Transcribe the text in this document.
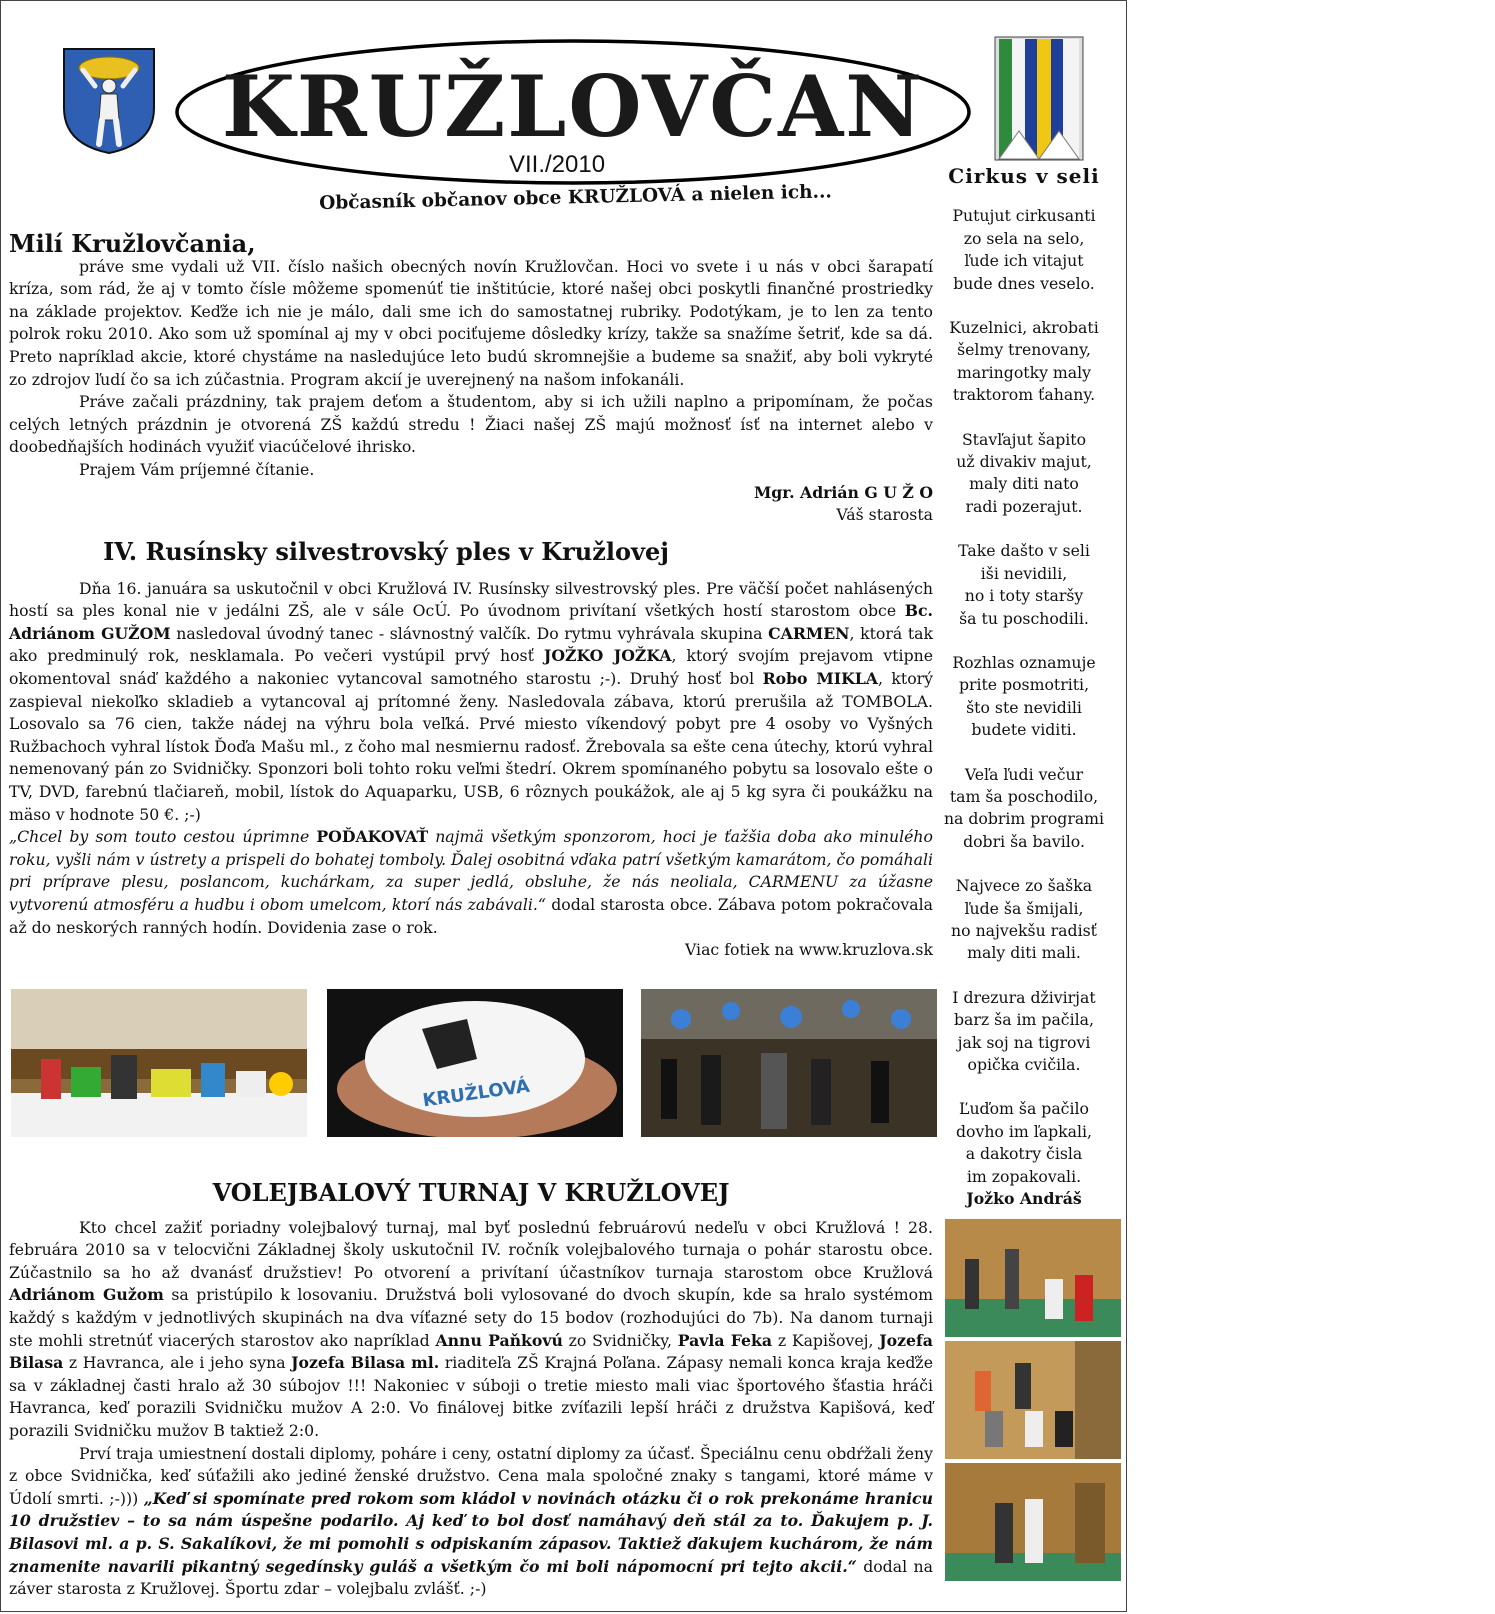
KRUŽLOVČAN
VII./2010
Občasník občanov obce KRUŽLOVÁ a nielen ich...
Milí Kružlovčania,

práve sme vydali už VII. číslo našich obecných novín Kružlovčan. Hoci vo svete i u nás v obci šarapatí kríza, som rád, že aj v tomto čísle môžeme spomenúť tie inštitúcie, ktoré našej obci poskytli finančné prostriedky na základe projektov. Keďže ich nie je málo, dali sme ich do samostatnej rubriky. Podotýkam, je to len za tento polrok roku 2010. Ako som už spomínal aj my v obci pociťujeme dôsledky krízy, takže sa snažíme šetriť, kde sa dá. Preto napríklad akcie, ktoré chystáme na nasledujúce leto budú skromnejšie a budeme sa snažiť, aby boli vykryté zo zdrojov ľudí čo sa ich zúčastnia. Program akcií je uverejnený na našom infokanáli.

Práve začali prázdniny, tak prajem deťom a študentom, aby si ich užili naplno a pripomínam, že počas celých letných prázdnin je otvorená ZŠ každú stredu ! Žiaci našej ZŠ majú možnosť ísť na internet alebo v doobedňajších hodinách využiť viacúčelové ihrisko.

Prajem Vám príjemné čítanie.

Mgr. Adrián G U Ž O

Váš starosta

IV. Rusínsky silvestrovský ples v Kružlovej

Dňa 16. januára sa uskutočnil v obci Kružlová IV. Rusínsky silvestrovský ples. Pre väčší počet nahlásených hostí sa ples konal nie v jedálni ZŠ, ale v sále OcÚ. Po úvodnom privítaní všetkých hostí starostom obce Bc. Adriánom GUŽOM nasledoval úvodný tanec - slávnostný valčík. Do rytmu vyhrávala skupina CARMEN, ktorá tak ako predminulý rok, nesklamala. Po večeri vystúpil prvý hosť JOŽKO JOŽKA, ktorý svojím prejavom vtipne okomentoval snáď každého a nakoniec vytancoval samotného starostu ;-). Druhý hosť bol Robo MIKLA, ktorý zaspieval niekoľko skladieb a vytancoval aj prítomné ženy. Nasledovala zábava, ktorú prerušila až TOMBOLA. Losovalo sa 76 cien, takže nádej na výhru bola veľká. Prvé miesto víkendový pobyt pre 4 osoby vo Vyšných Ružbachoch vyhral lístok Ďoďa Mašu ml., z čoho mal nesmiernu radosť. Žrebovala sa ešte cena útechy, ktorú vyhral nemenovaný pán zo Svidničky. Sponzori boli tohto roku veľmi štedrí. Okrem spomínaného pobytu sa losovalo ešte o TV, DVD, farebnú tlačiareň, mobil, lístok do Aquaparku, USB, 6 rôznych poukážok, ale aj 5 kg syra či poukážku na mäso v hodnote 50 €. ;-)

„Chcel by som touto cestou úprimne POĎAKOVAŤ najmä všetkým sponzorom, hoci je ťažšia doba ako minulého roku, vyšli nám v ústrety a prispeli do bohatej tomboly. Ďalej osobitná vďaka patrí všetkým kamarátom, čo pomáhali pri príprave plesu, poslancom, kuchárkam, za super jedlá, obsluhe, že nás neoliala, CARMENU za úžasne vytvorenú atmosféru a hudbu i obom umelcom, ktorí nás zabávali.“ dodal starosta obce. Zábava potom pokračovala až do neskorých ranných hodín. Dovidenia zase o rok.

Viac fotiek na www.kruzlova.sk

KRUŽLOVÁ
VOLEJBALOVÝ TURNAJ V KRUŽLOVEJ

Kto chcel zažiť poriadny volejbalový turnaj, mal byť poslednú februárovú nedeľu v obci Kružlová ! 28. februára 2010 sa v telocvični Základnej školy uskutočnil IV. ročník volejbalového turnaja o pohár starostu obce. Zúčastnilo sa ho až dvanásť družstiev! Po otvorení a privítaní účastníkov turnaja starostom obce Kružlová Adriánom Gužom sa pristúpilo k losovaniu. Družstvá boli vylosované do dvoch skupín, kde sa hralo systémom každý s každým v jednotlivých skupinách na dva víťazné sety do 15 bodov (rozhodujúci do 7b). Na danom turnaji ste mohli stretnúť viacerých starostov ako napríklad Annu Paňkovú zo Svidničky, Pavla Feka z Kapišovej, Jozefa Bilasa z Havranca, ale i jeho syna Jozefa Bilasa ml. riaditeľa ZŠ Krajná Poľana. Zápasy nemali konca kraja keďže sa v základnej časti hralo až 30 súbojov !!! Nakoniec v súboji o tretie miesto mali viac športového šťastia hráči Havranca, keď porazili Svidničku mužov A 2:0. Vo finálovej bitke zvíťazili lepší hráči z družstva Kapišová, keď porazili Svidničku mužov B taktiež 2:0.

Prví traja umiestnení dostali diplomy, poháre i ceny, ostatní diplomy za účasť. Špeciálnu cenu obdŕžali ženy z obce Svidnička, keď súťažili ako jediné ženské družstvo. Cena mala spoločné znaky s tangami, ktoré máme v Údolí smrti. ;-))) „Keď si spomínate pred rokom som kládol v novinách otázku či o rok prekonáme hranicu 10 družstiev – to sa nám úspešne podarilo. Aj keď to bol dosť namáhavý deň stál za to. Ďakujem p. J. Bilasovi ml. a p. S. Sakalíkovi, že mi pomohli s odpiskaním zápasov. Taktiež ďakujem kuchárom, že nám znamenite navarili pikantný segedínsky guláš a všetkým čo mi boli nápomocní pri tejto akcii.“ dodal na záver starosta z Kružlovej. Športu zdar – volejbalu zvlášť. ;-)

Cirkus v seli

Putujut cirkusanti
zo sela na selo,
ľude ich vitajut
bude dnes veselo.

Kuzelnici, akrobati
šelmy trenovany,
maringotky maly
traktorom ťahany.

Stavľajut šapito
už divakiv majut,
maly diti nato
radi pozerajut.

Take dašto v seli
iši nevidili,
no i toty staršy
ša tu poschodili.

Rozhlas oznamuje
prite posmotriti,
što ste nevidili
budete viditi.

Veľa ľudi večur
tam ša poschodilo,
na dobrim programi
dobri ša bavilo.

Najvece zo šaška
ľude ša šmijali,
no najvekšu radisť
maly diti mali.

I drezura dživirjat
barz ša im pačila,
jak soj na tigrovi
opička cvičila.

Ľuďom ša pačilo
dovho im ľapkali,
a dakotry čisla
im zopakovali.

Jožko Andráš
